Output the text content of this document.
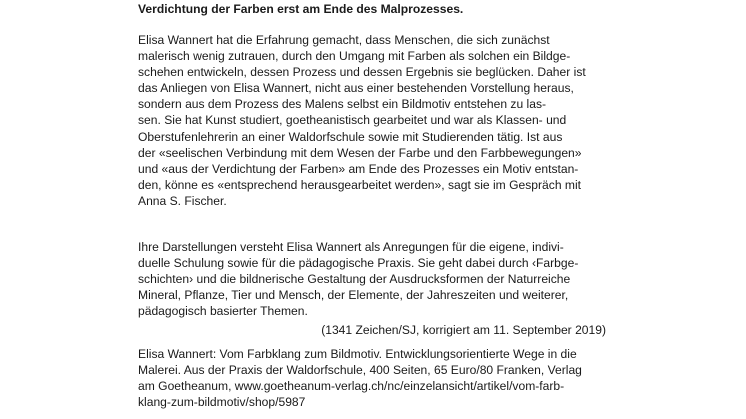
Verdichtung der Farben erst am Ende des Malprozesses.
Elisa Wannert hat die Erfahrung gemacht, dass Menschen, die sich zunächst
malerisch wenig zutrauen, durch den Umgang mit Farben als solchen ein Bildge-
schehen entwickeln, dessen Prozess und dessen Ergebnis sie beglücken. Daher ist
das Anliegen von Elisa Wannert, nicht aus einer bestehenden Vorstellung heraus,
sondern aus dem Prozess des Malens selbst ein Bildmotiv entstehen zu las-
sen. Sie hat Kunst studiert, goetheanistisch gearbeitet und war als Klassen- und
Oberstufenlehrerin an einer Waldorfschule sowie mit Studierenden tätig. Ist aus
der «seelischen Verbindung mit dem Wesen der Farbe und den Farbbewegungen»
und «aus der Verdichtung der Farben» am Ende des Prozesses ein Motiv entstan-
den, könne es «entsprechend herausgearbeitet werden», sagt sie im Gespräch mit
Anna S. Fischer.
Ihre Darstellungen versteht Elisa Wannert als Anregungen für die eigene, indivi-
duelle Schulung sowie für die pädagogische Praxis. Sie geht dabei durch ‹Farbge-
schichten› und die bildnerische Gestaltung der Ausdrucksformen der Naturreiche
Mineral, Pflanze, Tier und Mensch, der Elemente, der Jahreszeiten und weiterer,
pädagogisch basierter Themen.
(1341 Zeichen/SJ, korrigiert am 11. September 2019)
Elisa Wannert: Vom Farbklang zum Bildmotiv. Entwicklungsorientierte Wege in die
Malerei. Aus der Praxis der Waldorfschule, 400 Seiten, 65 Euro/80 Franken, Verlag
am Goetheanum, www.goetheanum-verlag.ch/nc/einzelansicht/artikel/vom-farb-
klang-zum-bildmotiv/shop/5987
